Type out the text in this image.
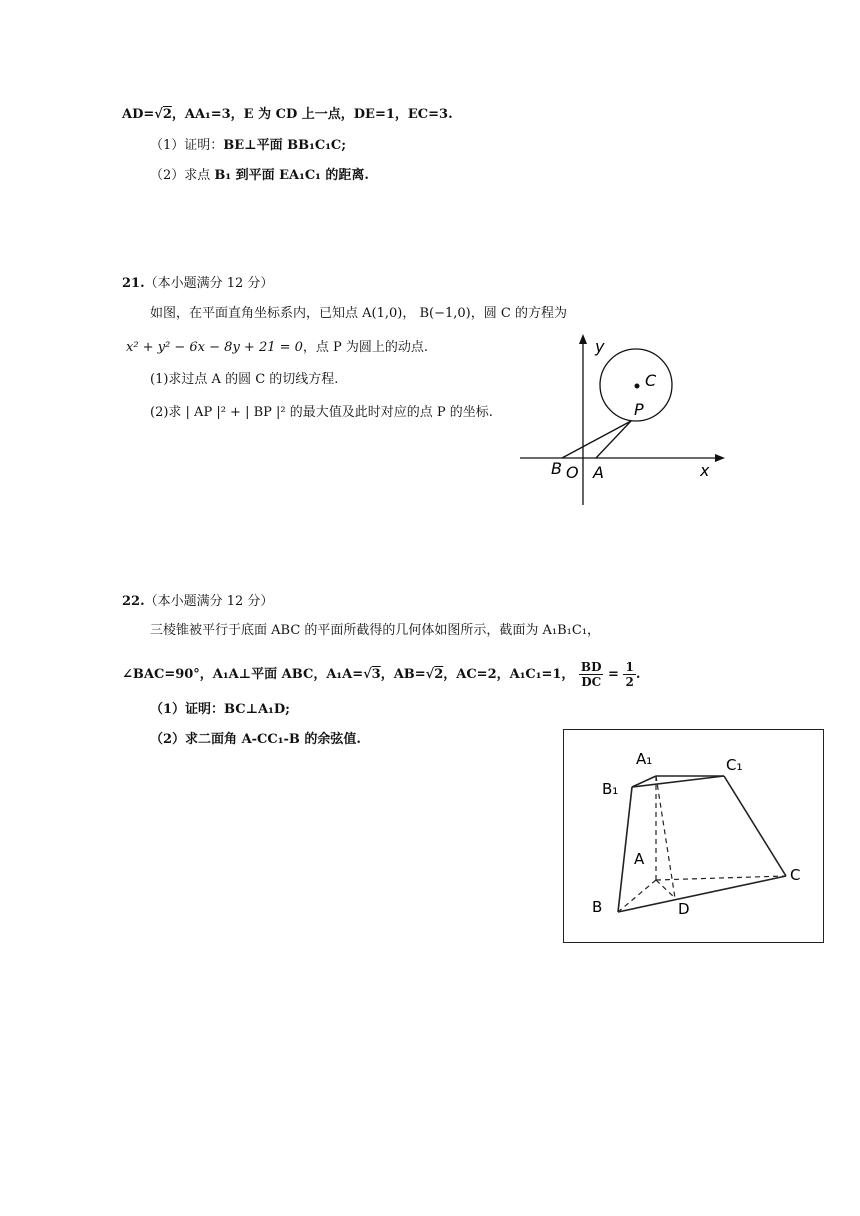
AD=√2，AA₁=3，E 为 CD 上一点，DE=1，EC=3.
（1）证明：BE⊥平面 BB₁C₁C;
（2）求点 B₁ 到平面 EA₁C₁ 的距离.
21.（本小题满分 12 分）
如图，在平面直角坐标系内，已知点 A(1,0)， B(−1,0)，圆 C 的方程为
x² + y² − 6x − 8y + 21 = 0，点 P 为圆上的动点.
(1)求过点 A 的圆 C 的切线方程.
(2)求 | AP |² + | BP |² 的最大值及此时对应的点 P 的坐标.
y
x
C
P
B O A
22.（本小题满分 12 分）
三棱锥被平行于底面 ABC 的平面所截得的几何体如图所示，截面为 A₁B₁C₁，
∠BAC=90°，A₁A⊥平面 ABC，A₁A=√3，AB=√2，AC=2，A₁C₁=1， $\frac{BD}{DC} = \frac{1}{2}$ .
（1）证明：BC⊥A₁D;
（2）求二面角 A-CC₁-B 的余弦值.
A₁	C₁
B₁
A
B
C
D
